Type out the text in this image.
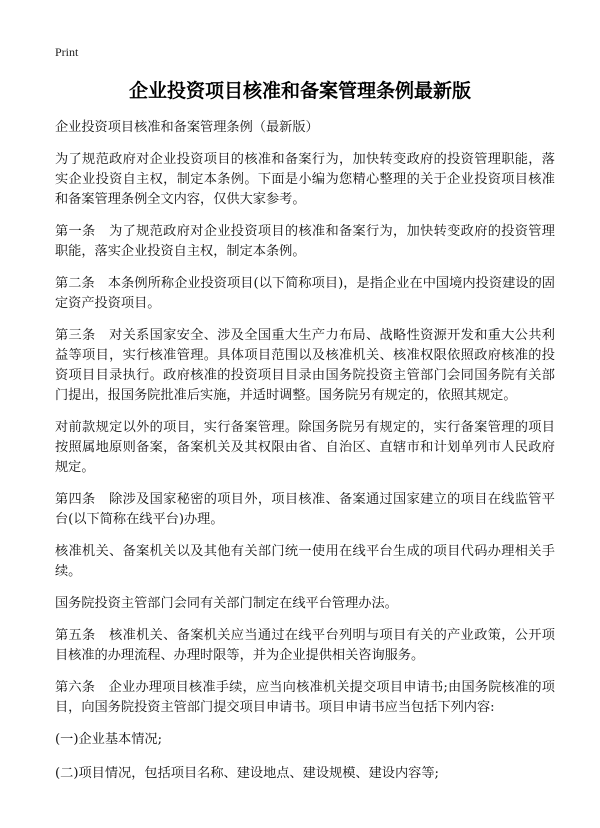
Print
企业投资项目核准和备案管理条例最新版

企业投资项目核准和备案管理条例（最新版）

为了规范政府对企业投资项目的核准和备案行为，加快转变政府的投资管理职能，落实企业投资自主权，制定本条例。下面是小编为您精心整理的关于企业投资项目核准和备案管理条例全文内容，仅供大家参考。

第一条　为了规范政府对企业投资项目的核准和备案行为，加快转变政府的投资管理职能，落实企业投资自主权，制定本条例。

第二条　本条例所称企业投资项目(以下简称项目)，是指企业在中国境内投资建设的固定资产投资项目。

第三条　对关系国家安全、涉及全国重大生产力布局、战略性资源开发和重大公共利益等项目，实行核准管理。具体项目范围以及核准机关、核准权限依照政府核准的投资项目目录执行。政府核准的投资项目目录由国务院投资主管部门会同国务院有关部门提出，报国务院批准后实施，并适时调整。国务院另有规定的，依照其规定。

对前款规定以外的项目，实行备案管理。除国务院另有规定的，实行备案管理的项目按照属地原则备案，备案机关及其权限由省、自治区、直辖市和计划单列市人民政府规定。

第四条　除涉及国家秘密的项目外，项目核准、备案通过国家建立的项目在线监管平台(以下简称在线平台)办理。

核准机关、备案机关以及其他有关部门统一使用在线平台生成的项目代码办理相关手续。

国务院投资主管部门会同有关部门制定在线平台管理办法。

第五条　核准机关、备案机关应当通过在线平台列明与项目有关的产业政策，公开项目核准的办理流程、办理时限等，并为企业提供相关咨询服务。

第六条　企业办理项目核准手续，应当向核准机关提交项目申请书;由国务院核准的项目，向国务院投资主管部门提交项目申请书。项目申请书应当包括下列内容:

(一)企业基本情况;

(二)项目情况，包括项目名称、建设地点、建设规模、建设内容等;
